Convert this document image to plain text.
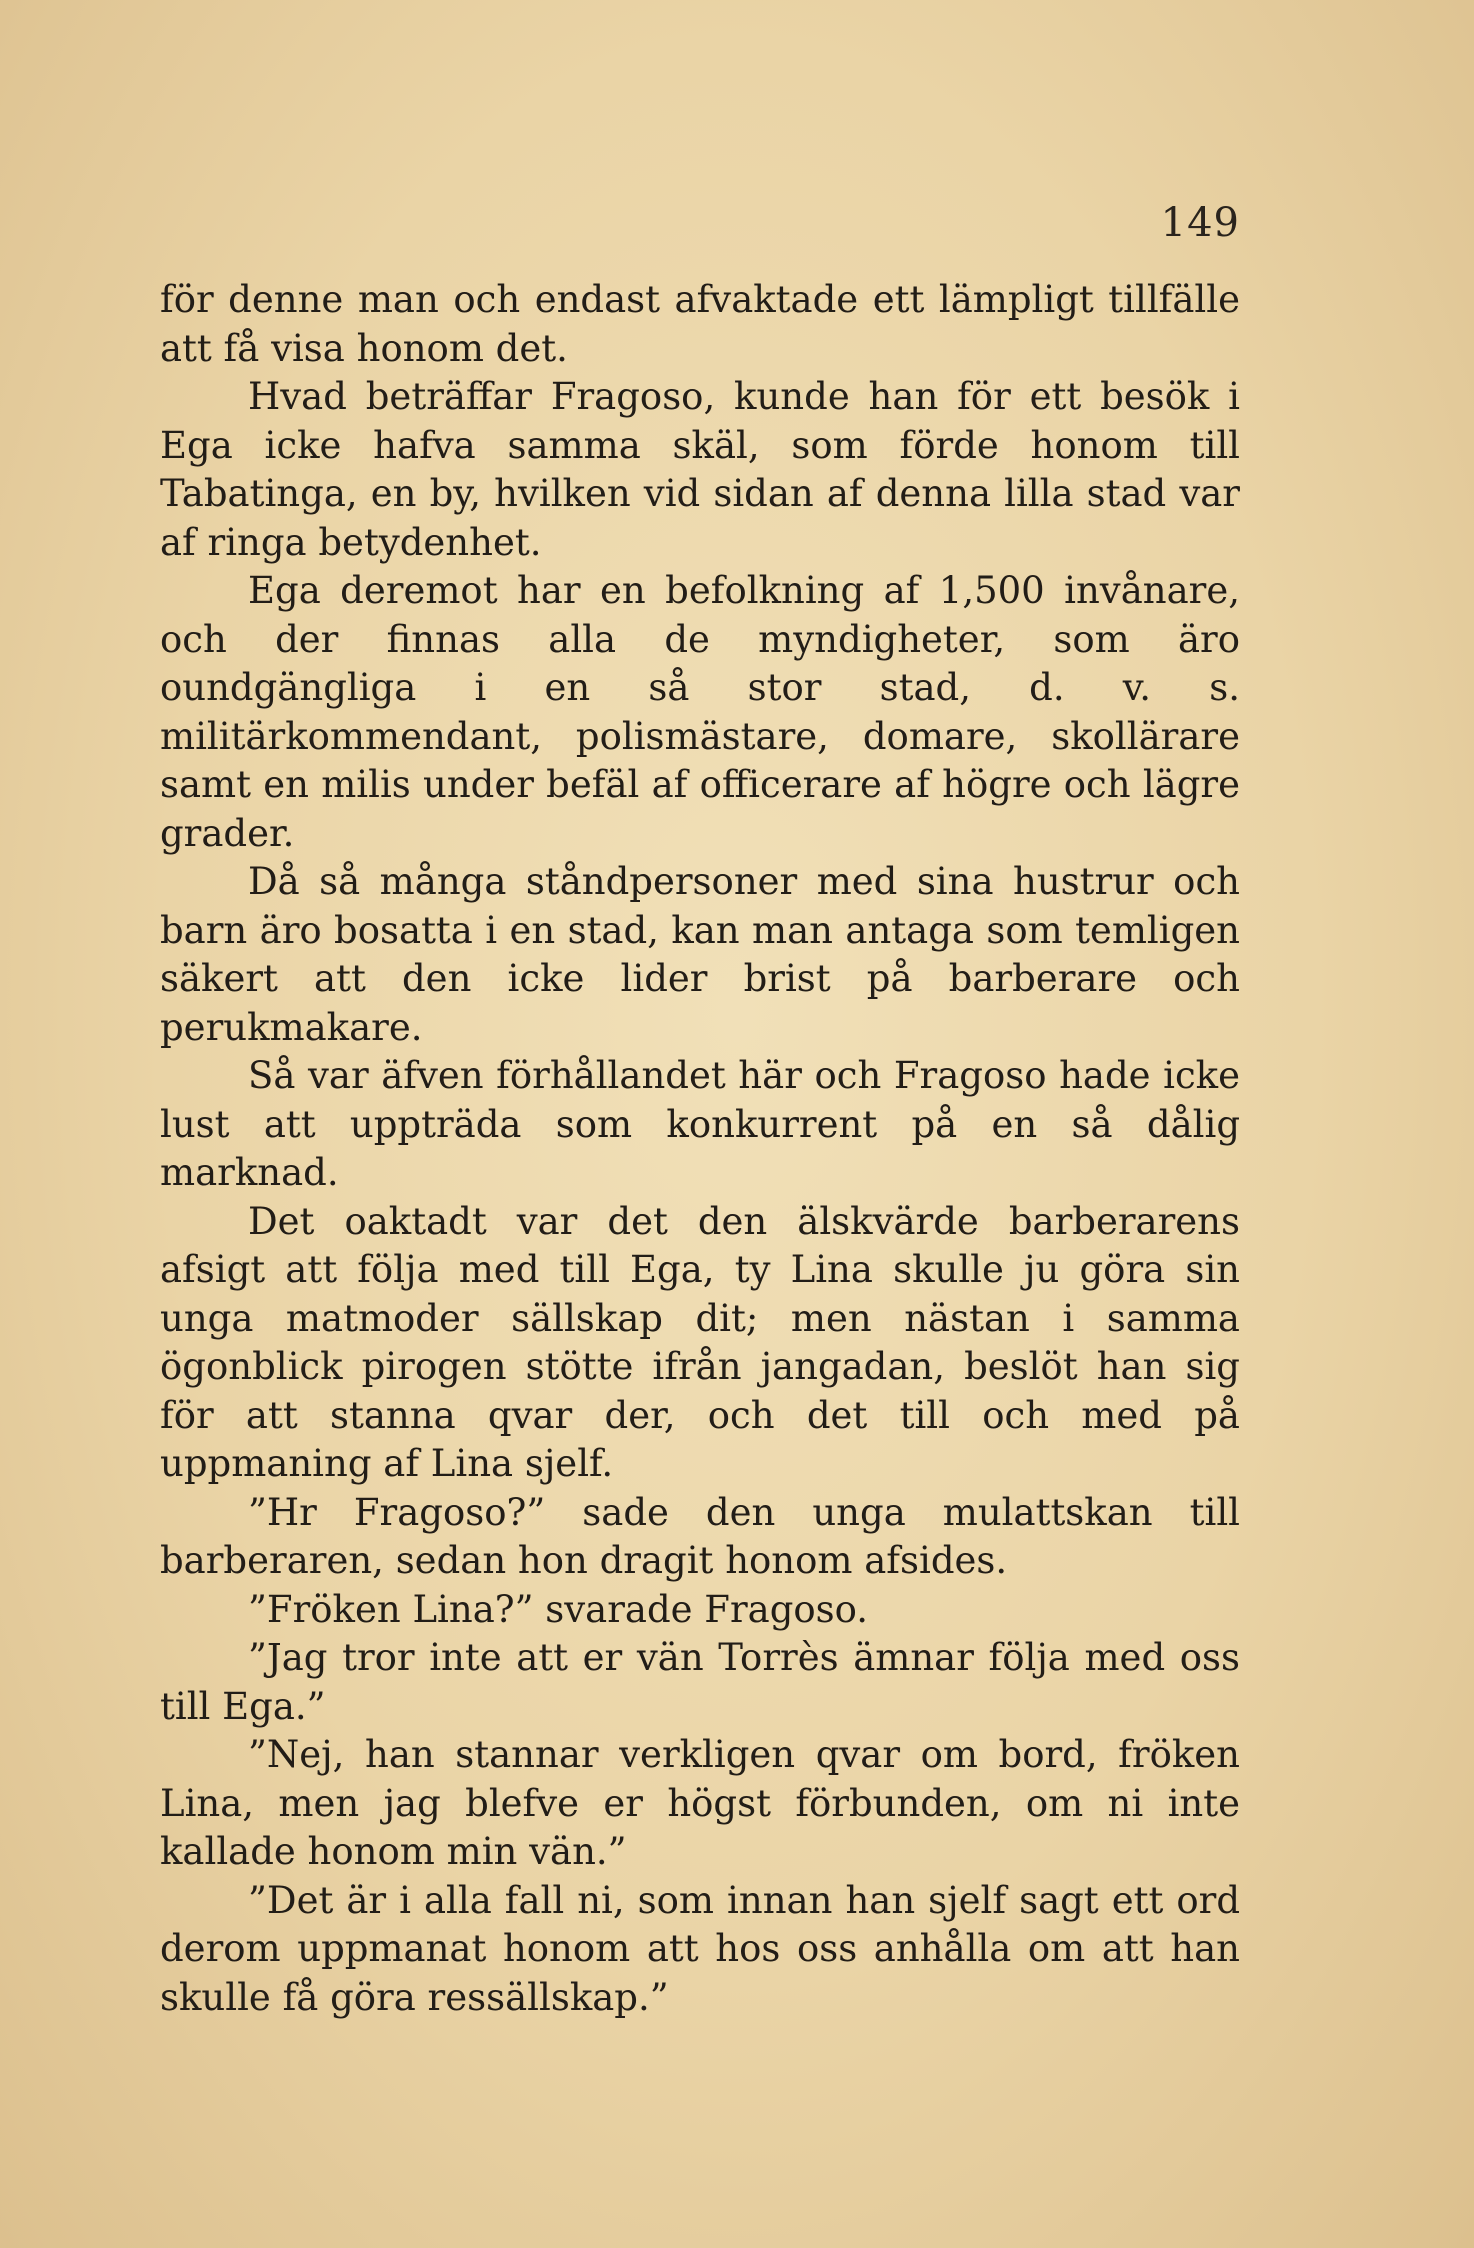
149

för denne man och endast afvaktade ett lämpligt tillfälle att få visa honom det.

Hvad beträffar Fragoso, kunde han för ett besök i Ega icke hafva samma skäl, som förde honom till Tabatinga, en by, hvilken vid sidan af denna lilla stad var af ringa betydenhet.

Ega deremot har en befolkning af 1,500 invånare, och der finnas alla de myndigheter, som äro oundgängliga i en så stor stad, d. v. s. militärkommendant, polismästare, domare, skollärare samt en milis under befäl af officerare af högre och lägre grader.

Då så många ståndpersoner med sina hustrur och barn äro bosatta i en stad, kan man antaga som temligen säkert att den icke lider brist på barberare och perukmakare.

Så var äfven förhållandet här och Fragoso hade icke lust att uppträda som konkurrent på en så dålig marknad.

Det oaktadt var det den älskvärde barberarens afsigt att följa med till Ega, ty Lina skulle ju göra sin unga matmoder sällskap dit; men nästan i samma ögonblick pirogen stötte ifrån jangadan, beslöt han sig för att stanna qvar der, och det till och med på uppmaning af Lina sjelf.

”Hr Fragoso?” sade den unga mulattskan till barberaren, sedan hon dragit honom afsides.

”Fröken Lina?” svarade Fragoso.

”Jag tror inte att er vän Torrès ämnar följa med oss till Ega.”

”Nej, han stannar verkligen qvar om bord, fröken Lina, men jag blefve er högst förbunden, om ni inte kallade honom min vän.”

”Det är i alla fall ni, som innan han sjelf sagt ett ord derom uppmanat honom att hos oss anhålla om att han skulle få göra ressällskap.”
